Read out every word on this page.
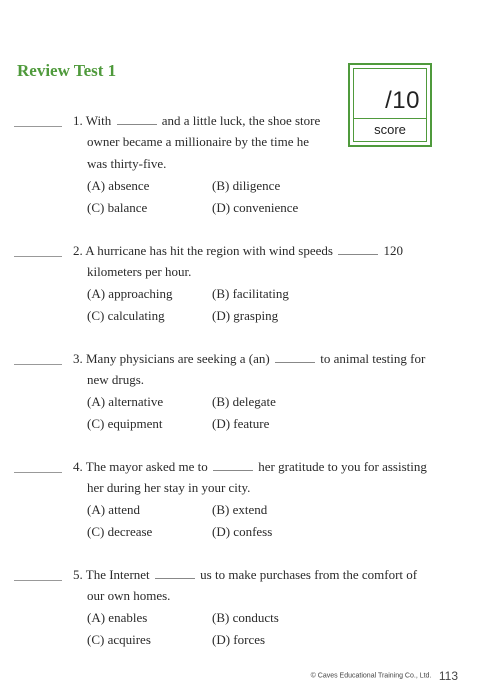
Review Test 1
/10
score
1. With	and a little luck, the shoe store
owner became a millionaire by the time he
was thirty-five.
(A) absence	(B) diligence
(C) balance	(D) convenience
2. A hurricane has hit the region with wind speeds	120
kilometers per hour.
(A) approaching	(B) facilitating
(C) calculating	(D) grasping
3. Many physicians are seeking a (an)	to animal testing for
new drugs.
(A) alternative	(B) delegate
(C) equipment	(D) feature
4. The mayor asked me to	her gratitude to you for assisting
her during her stay in your city.
(A) attend	(B) extend
(C) decrease	(D) confess
5. The Internet	us to make purchases from the comfort of
our own homes.
(A) enables	(B) conducts
(C) acquires	(D) forces
© Caves Educational Training Co., Ltd. 113
